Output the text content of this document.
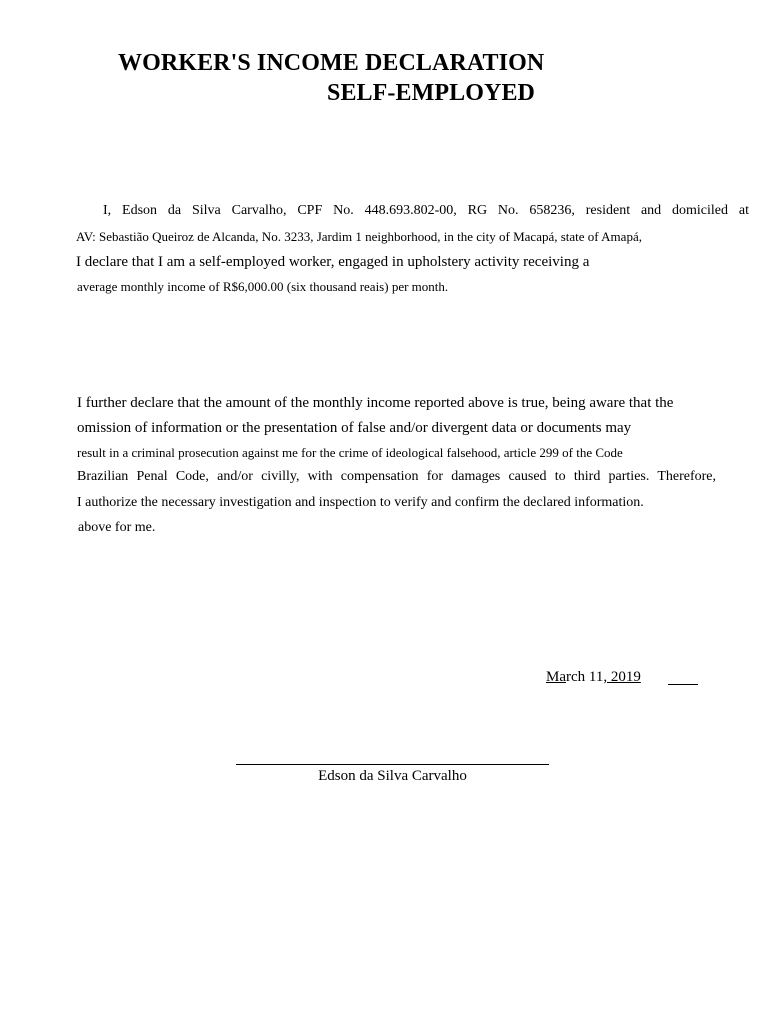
WORKER'S INCOME DECLARATION
SELF-EMPLOYED
I, Edson da Silva Carvalho, CPF No. 448.693.802-00, RG No. 658236, resident and domiciled at
AV: Sebastião Queiroz de Alcanda, No. 3233, Jardim 1 neighborhood, in the city of Macapá, state of Amapá,
I declare that I am a self-employed worker, engaged in upholstery activity receiving a
average monthly income of R$6,000.00 (six thousand reais) per month.
I further declare that the amount of the monthly income reported above is true, being aware that the
omission of information or the presentation of false and/or divergent data or documents may
result in a criminal prosecution against me for the crime of ideological falsehood, article 299 of the Code
Brazilian Penal Code, and/or civilly, with compensation for damages caused to third parties. Therefore,
I authorize the necessary investigation and inspection to verify and confirm the declared information.
above for me.
March 11, 2019
Edson da Silva Carvalho
